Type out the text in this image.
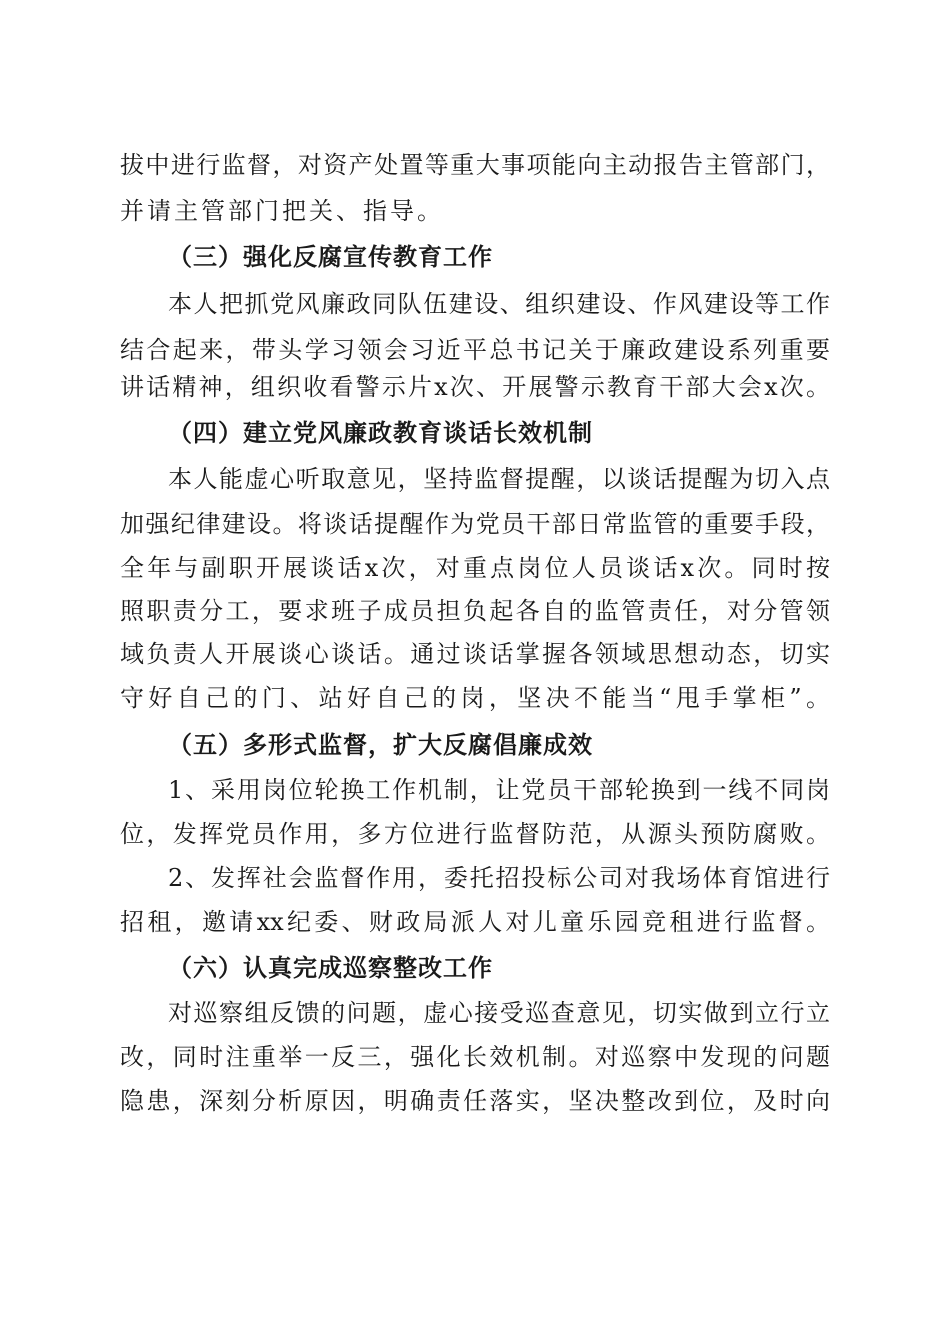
拔中进行监督，对资产处置等重大事项能向主动报告主管部门，
并请主管部门把关、指导。
（三）强化反腐宣传教育工作
本人把抓党风廉政同队伍建设、组织建设、作风建设等工作
结合起来，带头学习领会习近平总书记关于廉政建设系列重要
讲话精神，组织收看警示片x次、开展警示教育干部大会x次。
（四）建立党风廉政教育谈话长效机制
本人能虚心听取意见，坚持监督提醒，以谈话提醒为切入点
加强纪律建设。将谈话提醒作为党员干部日常监管的重要手段，
全年与副职开展谈话x次，对重点岗位人员谈话x次。同时按
照职责分工，要求班子成员担负起各自的监管责任，对分管领
域负责人开展谈心谈话。通过谈话掌握各领域思想动态，切实
守好自己的门、站好自己的岗，坚决不能当“甩手掌柜”。
（五）多形式监督，扩大反腐倡廉成效
1、采用岗位轮换工作机制，让党员干部轮换到一线不同岗
位，发挥党员作用，多方位进行监督防范，从源头预防腐败。
2、发挥社会监督作用，委托招投标公司对我场体育馆进行
招租，邀请xx纪委、财政局派人对儿童乐园竞租进行监督。
（六）认真完成巡察整改工作
对巡察组反馈的问题，虚心接受巡查意见，切实做到立行立
改，同时注重举一反三，强化长效机制。对巡察中发现的问题
隐患，深刻分析原因，明确责任落实，坚决整改到位，及时向
